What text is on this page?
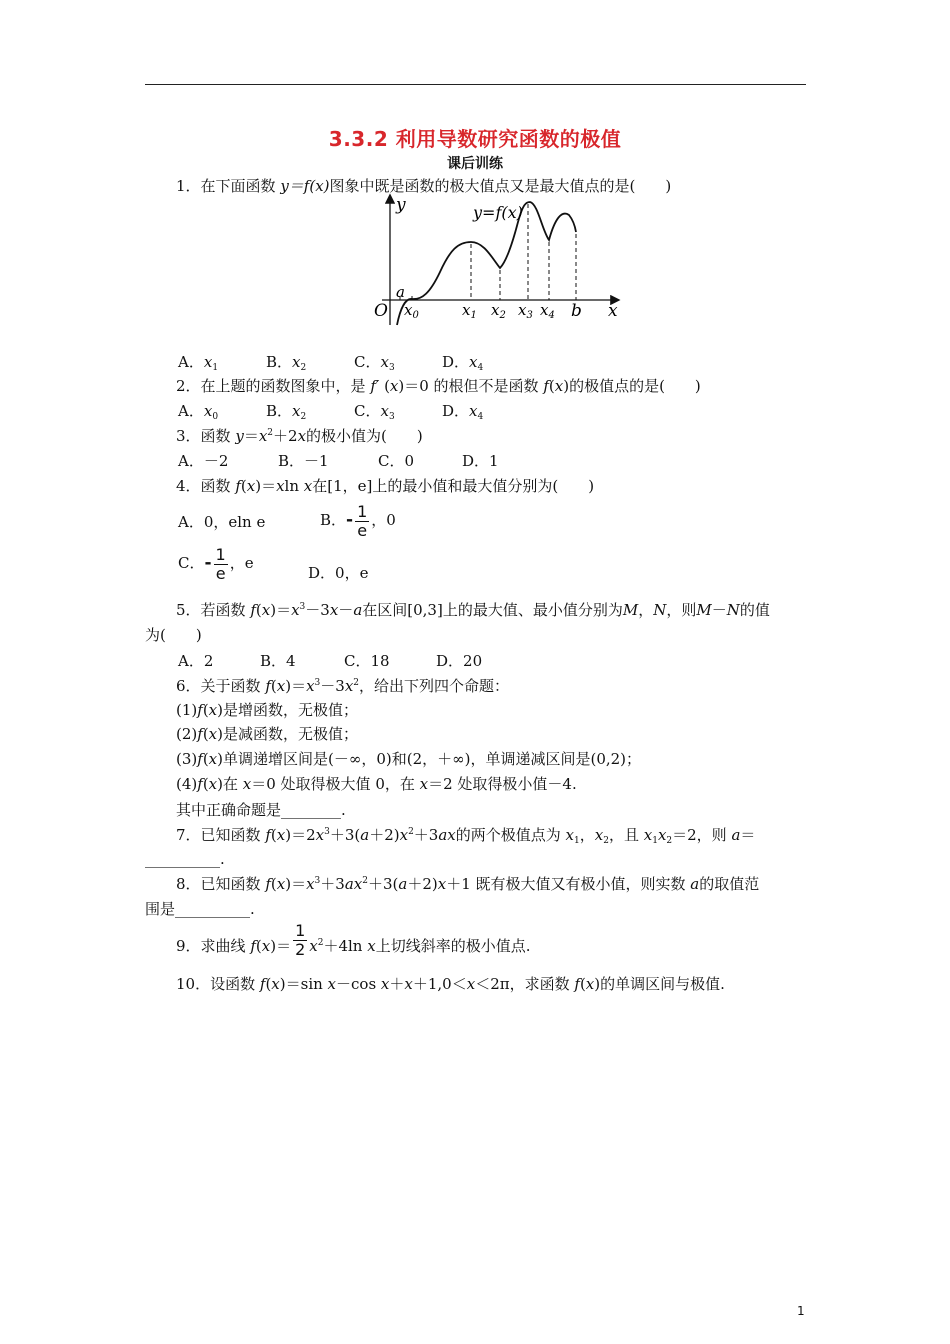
3.3.2 利用导数研究函数的极值
课后训练
1．在下面函数 y＝f(x)图象中既是函数的极大值点又是最大值点的是(　　)
y
x
O
y=f(x)
a
$x_0$	$x_1$ $x_2$ $x_3$ $x_4$ b
A．$x_1$	B．$x_2$	C．$x_3$	D．$x_4$
2．在上题的函数图象中，是 f′ (x)＝0 的根但不是函数 f(x)的极值点的是(　　)
A．$x_0$	B．$x_2$	C．$x_3$	D．$x_4$
3．函数 $y=x^2+2x$的极小值为(　　)
A．－2	B．－1	C．0	D．1
4．函数 f(x)＝xln x在[1，e]上的最小值和最大值分别为(　　)
A．0，eln e	B．- $\frac{1}{e}$ ，0
C．- $\frac{1}{e}$ ，e
D．0，e
5．若函数 $f(x)=x^3-3x-a$在区间[0,3]上的最大值、最小值分别为M，N，则M－N的值
为(　　)
A．2	B．4	C．18	D．20
6．关于函数 $f(x)=x^3-3x^2$，给出下列四个命题：
(1)f(x)是增函数，无极值；
(2)f(x)是减函数，无极值；
(3)f(x)单调递增区间是(－∞，0)和(2，＋∞)，单调递减区间是(0,2)；
(4)f(x)在 x＝0 处取得极大值 0，在 x＝2 处取得极小值－4.
其中正确命题是________.
7．已知函数 $f(x)=2x^3+3(a+2)x^2+3ax$的两个极值点为 $x_1$，$x_2$，且 $x_1x_2=2$，则 a＝
__________.
8．已知函数 $f(x)=x^3+3ax^2+3(a+2)x+1$ 既有极大值又有极小值，则实数 a的取值范
围是__________.
9．求曲线 $f(x)= \frac{1}{2} x^2+4\ln$ x上切线斜率的极小值点.
10．设函数 f(x)＝sin x－cos x＋x＋1,0＜x＜2π，求函数 f(x)的单调区间与极值.
1
